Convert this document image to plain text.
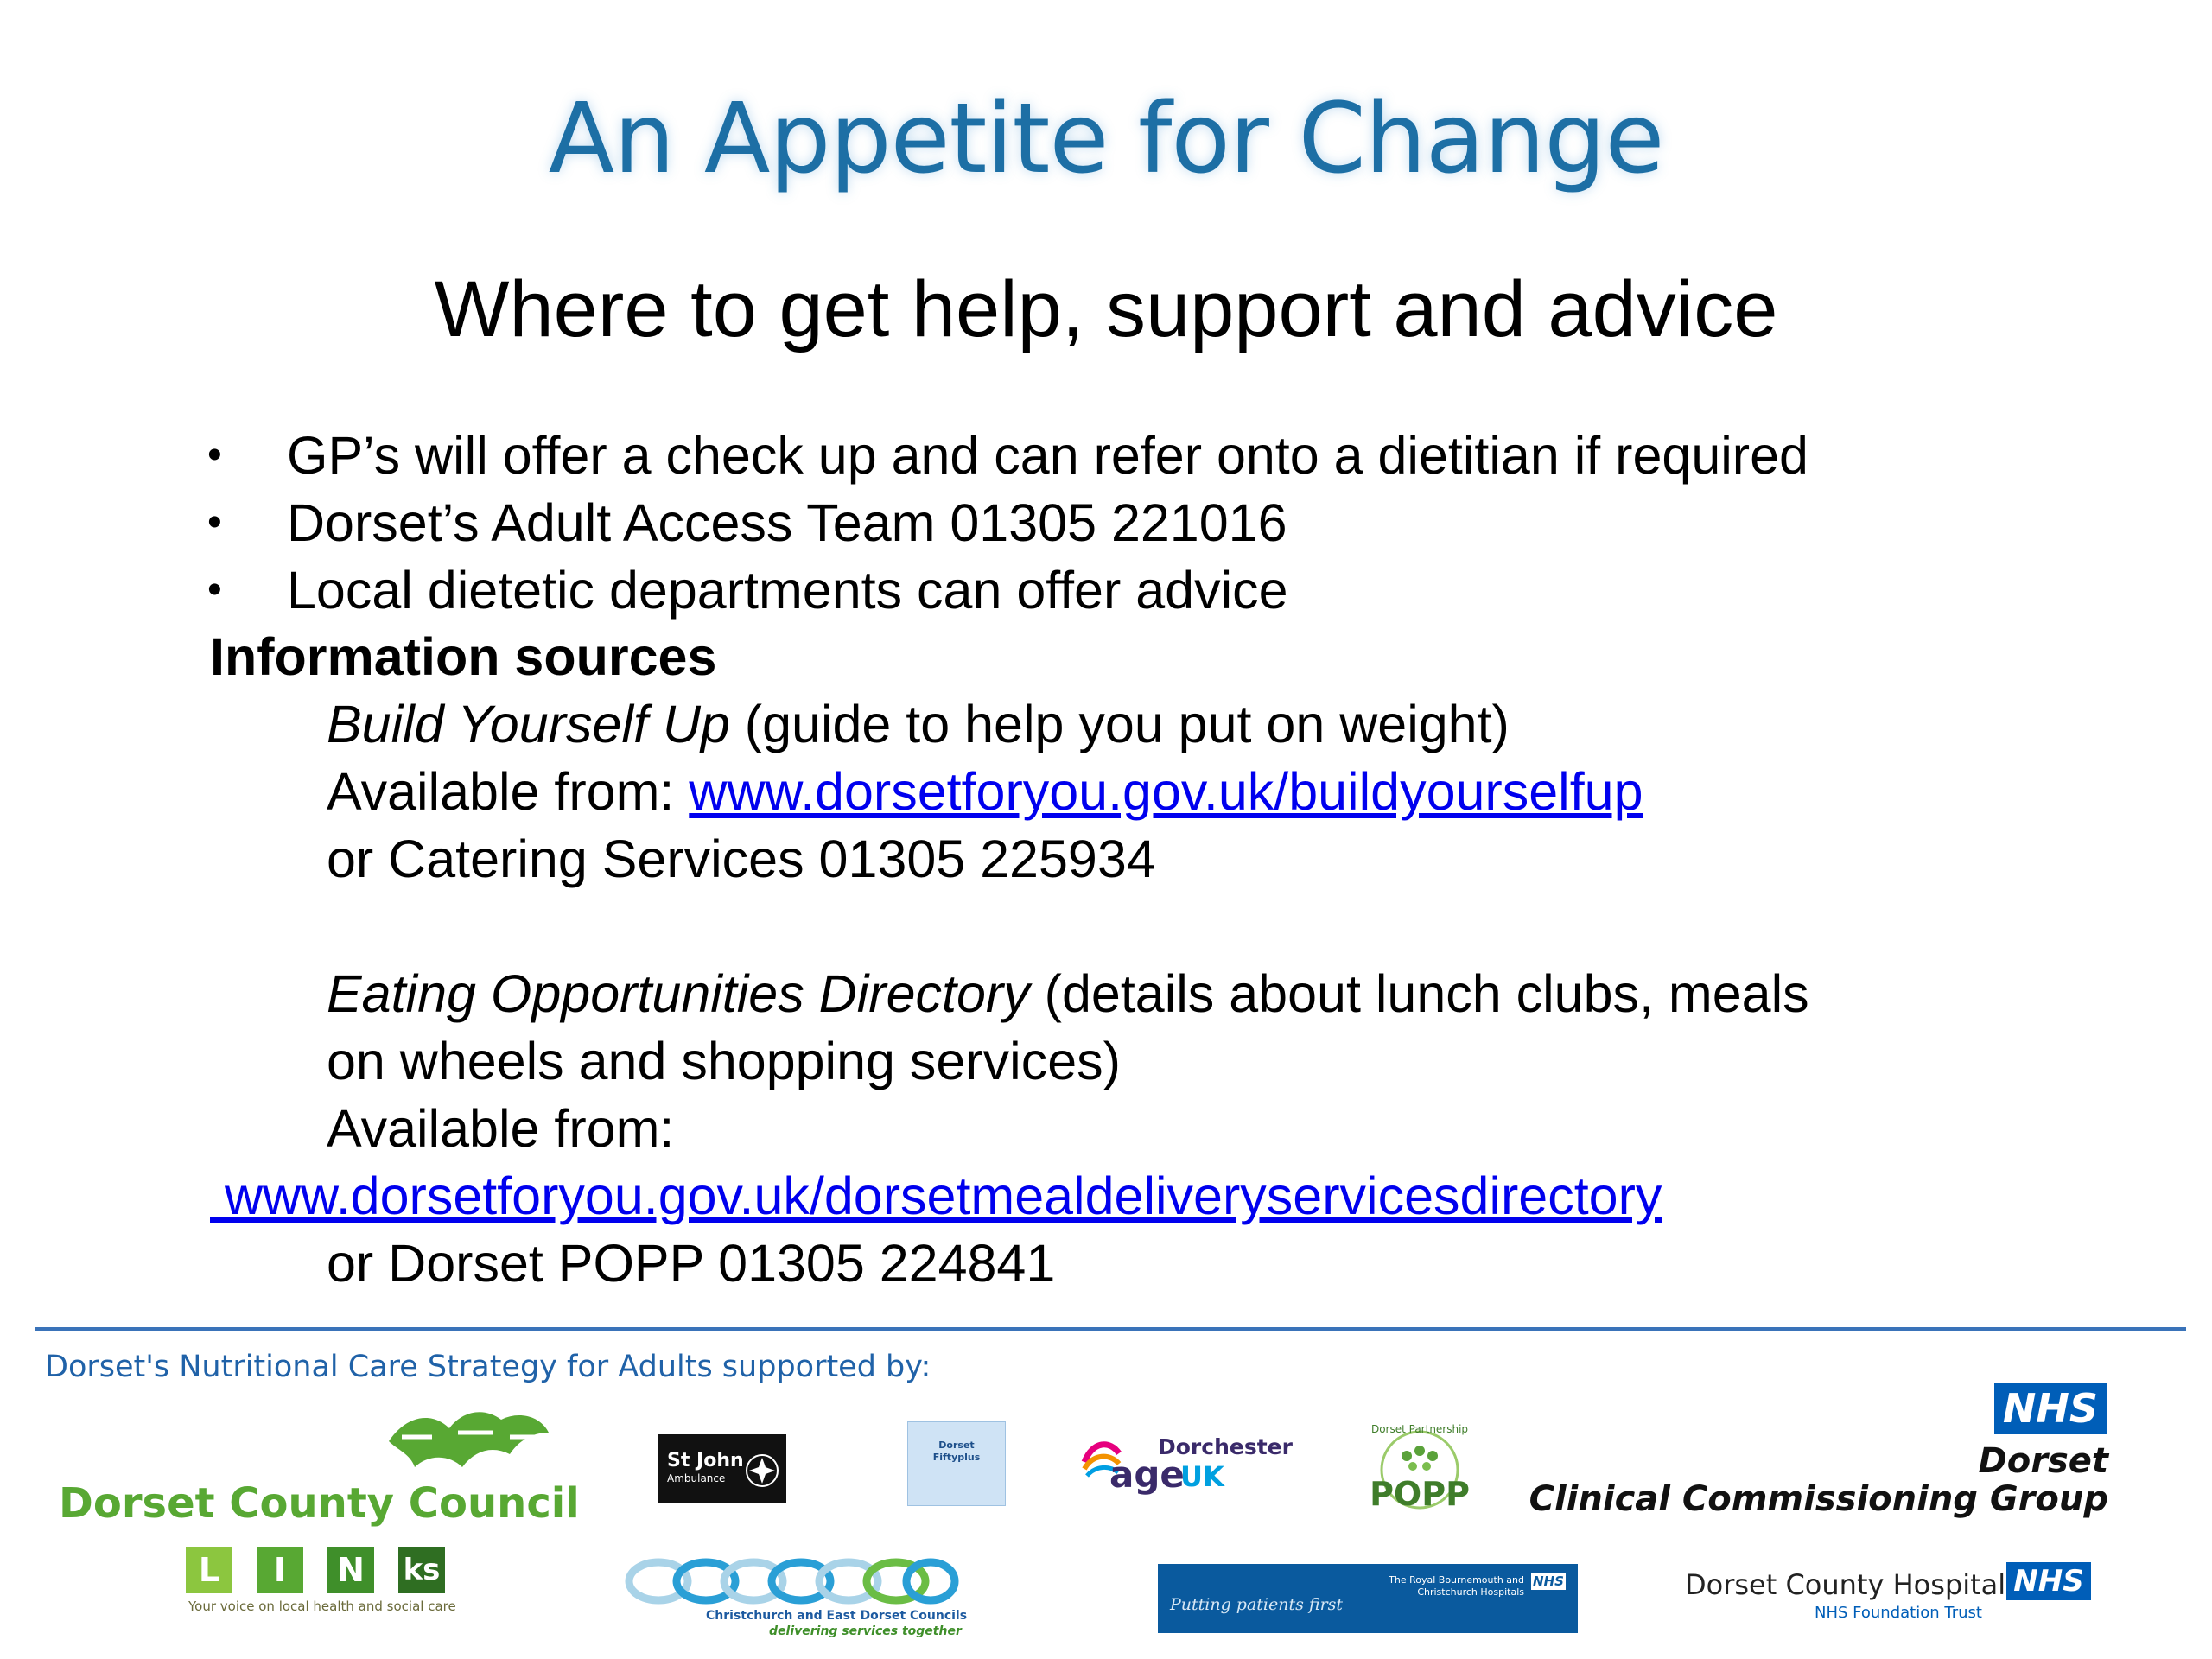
An Appetite for Change
Where to get help, support and advice
•	GP’s will offer a check up and can refer onto a dietitian if required
•	Dorset’s Adult Access Team 01305 221016
•	Local dietetic departments can offer advice
Information sources
Build Yourself Up (guide to help you put on weight)
Available from: www.dorsetforyou.gov.uk/buildyourselfup
or Catering Services 01305 225934
Eating Opportunities Directory (details about lunch clubs, meals
on wheels and shopping services)
Available from:
www.dorsetforyou.gov.uk/dorsetmealdeliveryservicesdirectory
or Dorset POPP 01305 224841
Dorset's Nutritional Care Strategy for Adults supported by:
Dorset County Council
L	I	N	ks
Your voice on local health and social care
St John
Ambulance
Dorset
Fiftyplus	Dorchester
age
UK
Dorset Partnership
POPP
NHS
Dorset
Clinical Commissioning Group
Christchurch and East Dorset Councils
delivering services together
Putting patients first
The Royal Bournemouth and
Christchurch Hospitals
NHS	Dorset County Hospital NHS
NHS Foundation Trust
